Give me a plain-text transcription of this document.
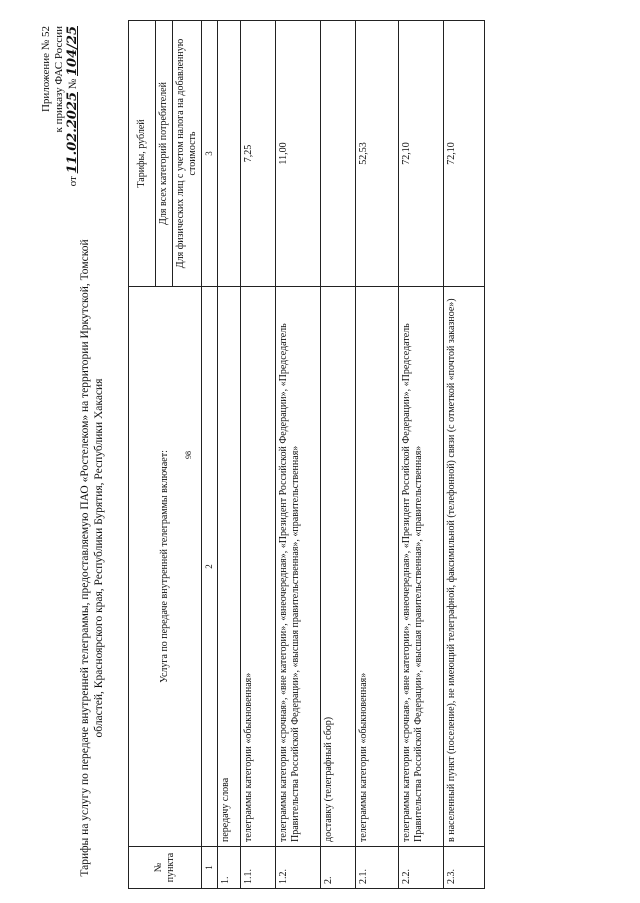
98
Приложение № 52 к приказу ФАС России
от 11.02.2025 № 104/25
Тарифы на услугу по передаче внутренней телеграммы, предоставляемую ПАО «Ростелеком» на территории Иркутской, Томской областей, Красноярского края, Республики Бурятия, Республики Хакасия
№ пункта	Услуга по передаче внутренней телеграммы включает:	Тарифы, рублей
		Для всех категорий потребителей
		Для физических лиц с учетом налога на добавленную стоимость
1	2	3
1.	передачу слова	
1.1.	телеграммы категории «обыкновенная»	7,25
1.2.	телеграммы категории «срочная», «вне категории», «внеочередная», «Президент Российской Федерации», «Председатель Правительства Российской Федерации», «высшая правительственная», «правительственная»	11,00
2.	доставку (телеграфный сбор)	
2.1.	телеграммы категории «обыкновенная»	52,53
2.2.	телеграммы категории «срочная», «вне категории», «внеочередная», «Президент Российской Федерации», «Председатель Правительства Российской Федерации», «высшая правительственная», «правительственная»	72,10
2.3.	в населенный пункт (поселение), не имеющий телеграфной, факсимильной (телефонной) связи (с отметкой «почтой заказное»)	72,10
